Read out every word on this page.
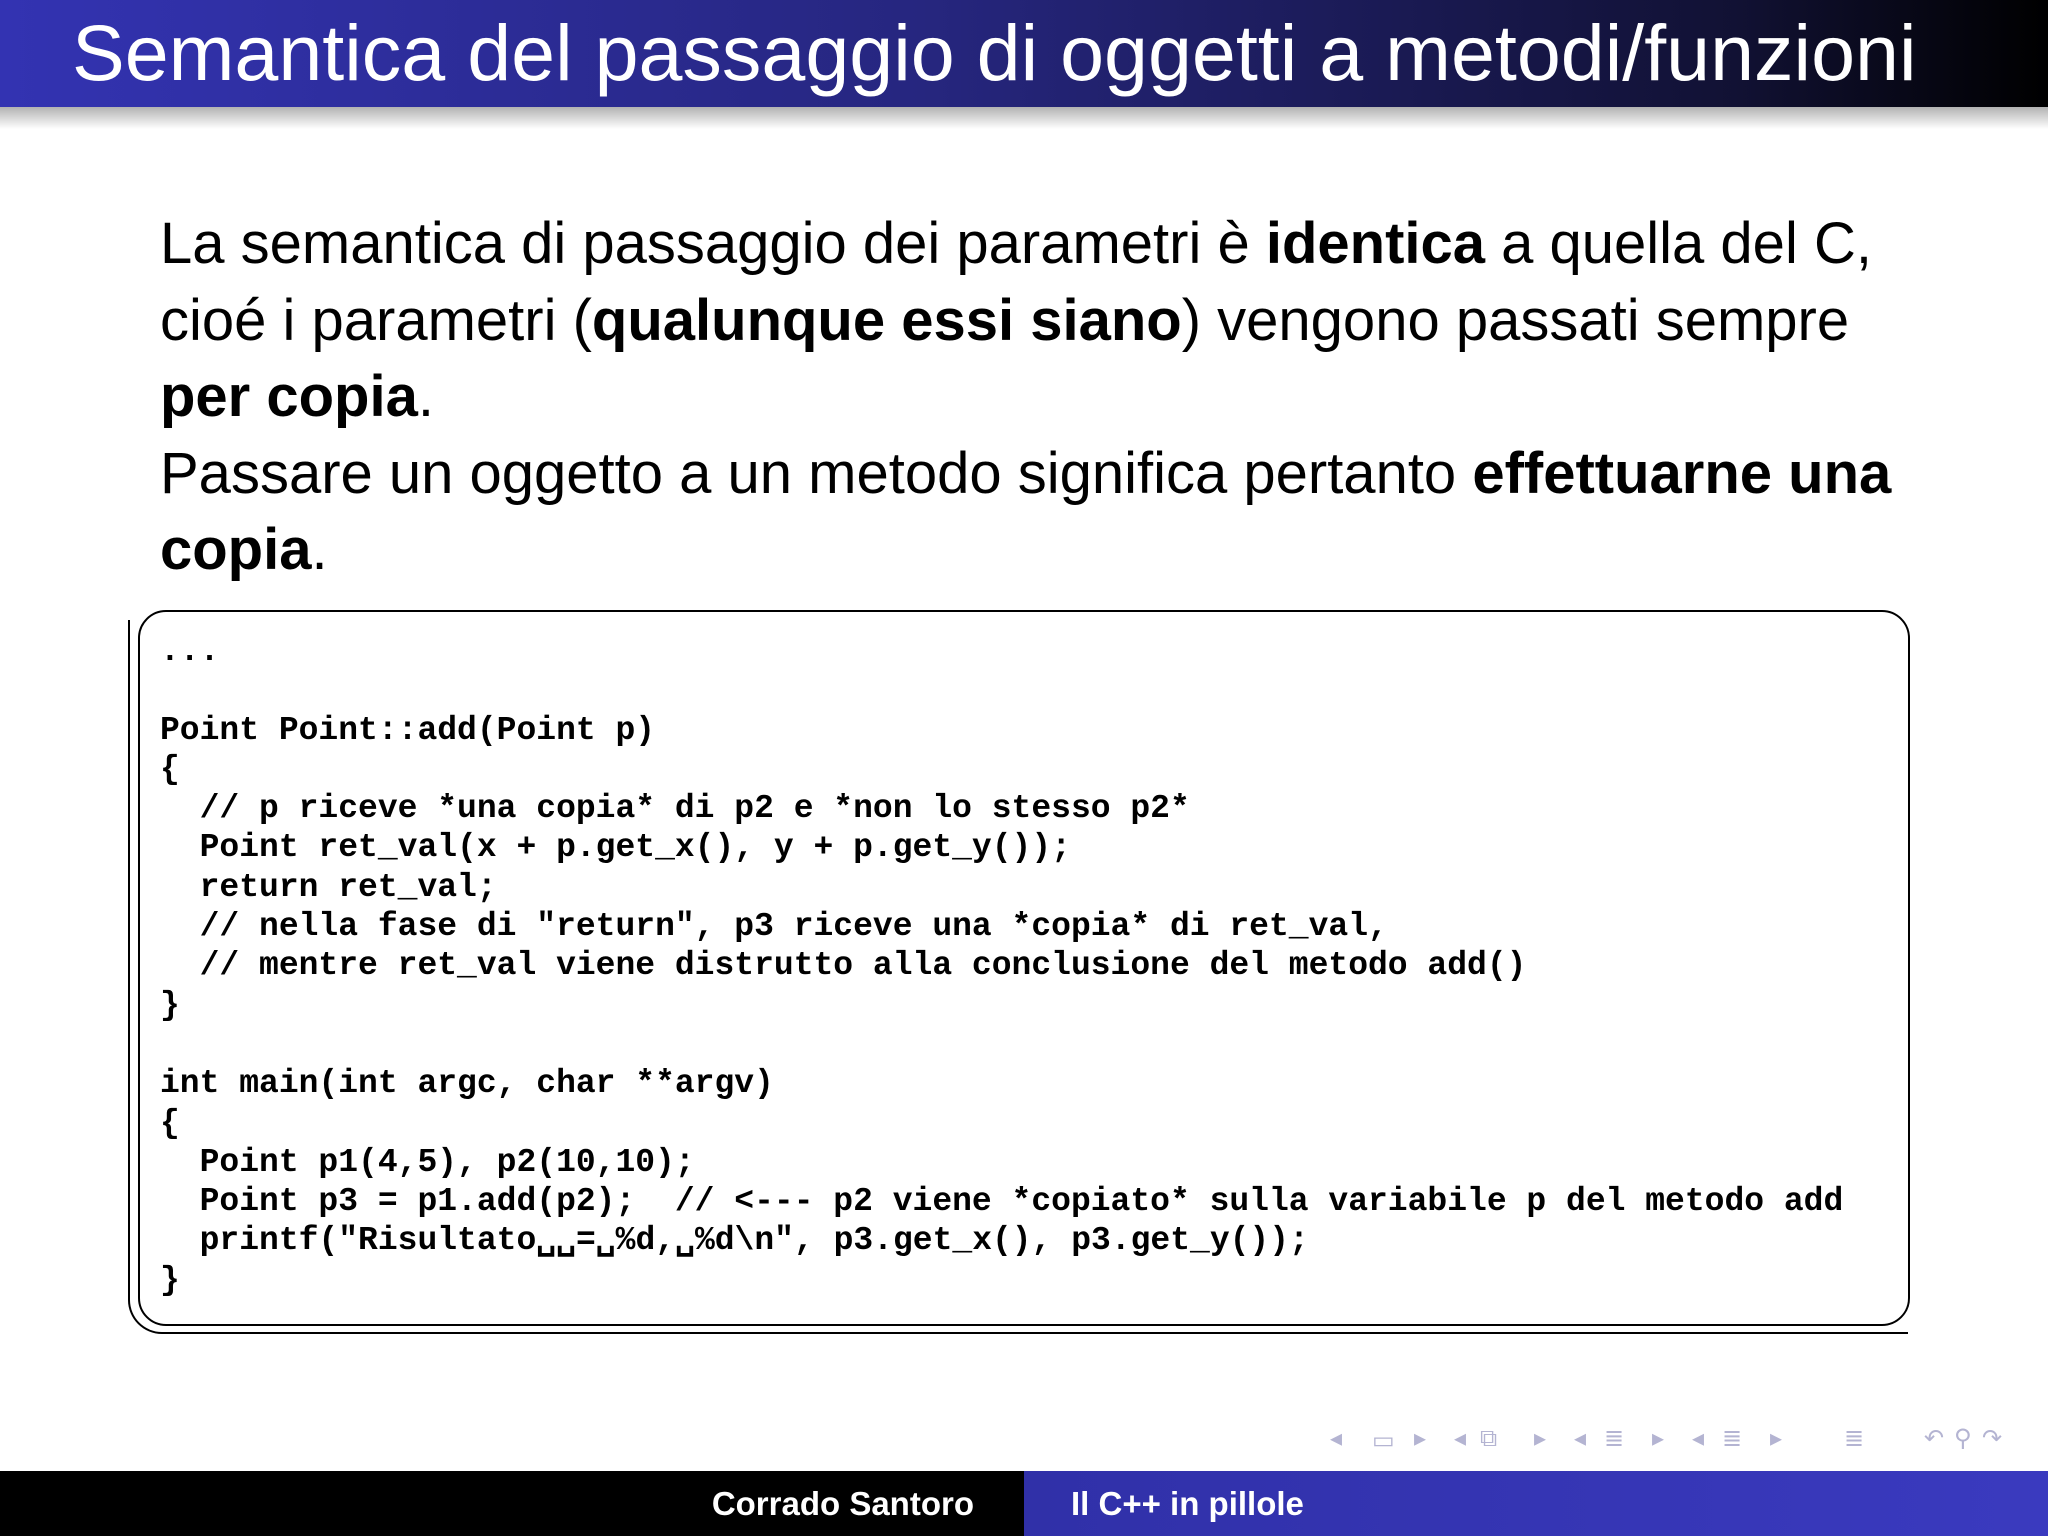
Semantica del passaggio di oggetti a metodi/funzioni

La semantica di passaggio dei parametri è identica a quella del C, cioé i parametri (qualunque essi siano) vengono passati sempre per copia.

Passare un oggetto a un metodo significa pertanto effettuarne una copia.

...

Point Point::add(Point p)
{
// p riceve *una copia* di p2 e *non lo stesso p2*
Point ret_val(x + p.get_x(), y + p.get_y());
return ret_val;
// nella fase di "return", p3 riceve una *copia* di ret_val,
// mentre ret_val viene distrutto alla conclusione del metodo add()
}

int main(int argc, char **argv)
{
Point p1(4,5), p2(10,10);
Point p3 = p1.add(p2);  // <--- p2 viene *copiato* sulla variabile p del metodo add
printf("Risultato␣␣=␣%d,␣%d\n", p3.get_x(), p3.get_y());
}
◂ ▭ ▸ ◂ ⧉ ▸ ◂ ≣ ▸ ◂ ≣ ▸	≣ ↶ ⚲ ↷
Corrado Santoro	Il C++ in pillole
